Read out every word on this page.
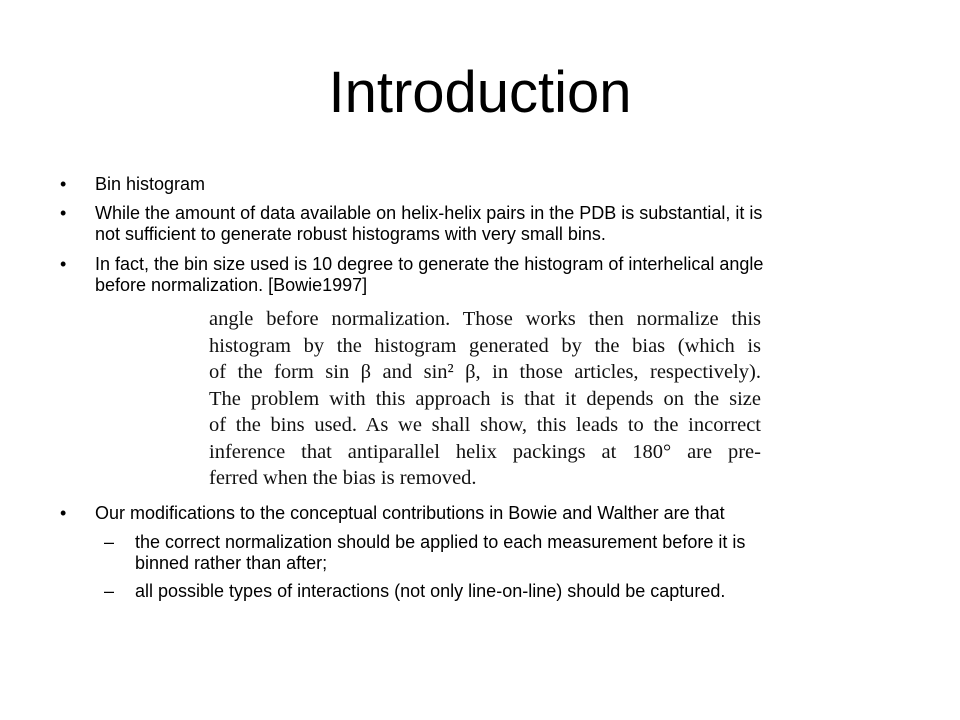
Introduction
• Bin histogram
• While the amount of data available on helix-helix pairs in the PDB is substantial, it is
not sufficient to generate robust histograms with very small bins.
• In fact, the bin size used is 10 degree to generate the histogram of interhelical angle
before normalization. [Bowie1997]
angle before normalization. Those works then normalize this
histogram by the histogram generated by the bias (which is
of the form sin β and sin² β, in those articles, respectively).
The problem with this approach is that it depends on the size
of the bins used. As we shall show, this leads to the incorrect
inference that antiparallel helix packings at 180° are pre-
ferred when the bias is removed.
• Our modifications to the conceptual contributions in Bowie and Walther are that
– the correct normalization should be applied to each measurement before it is
binned rather than after;
– all possible types of interactions (not only line-on-line) should be captured.
